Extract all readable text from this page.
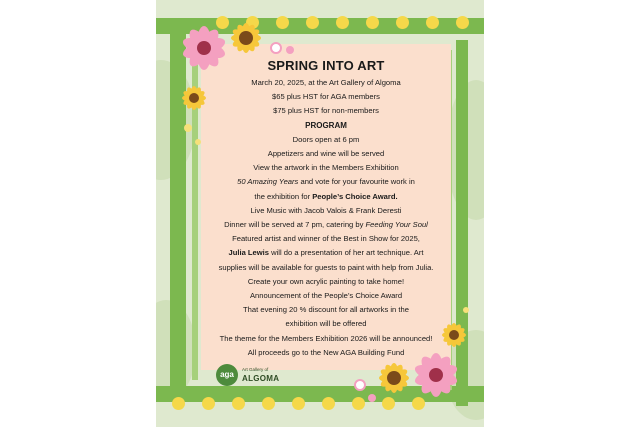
SPRING INTO ART
March 20, 2025, at the Art Gallery of Algoma
$65 plus HST for AGA members
$75 plus HST for non-members
PROGRAM
Doors open at 6 pm
Appetizers and wine will be served
View the artwork in the Members Exhibition
50 Amazing Years and vote for your favourite work in
the exhibition for People’s Choice Award.
Live Music with Jacob Valois & Frank Deresti
Dinner will be served at 7 pm, catering by Feeding Your Soul
Featured artist and winner of the Best in Show for 2025,
Julia Lewis will do a presentation of her art technique. Art
supplies will be available for guests to paint with help from Julia.
Create your own acrylic painting to take home!
Announcement of the People’s Choice Award
That evening 20 % discount for all artworks in the
exhibition will be offered
The theme for the Members Exhibition 2026 will be announced!
All proceeds go to the New AGA Building Fund
aga
Art Gallery of
ALGOMA
